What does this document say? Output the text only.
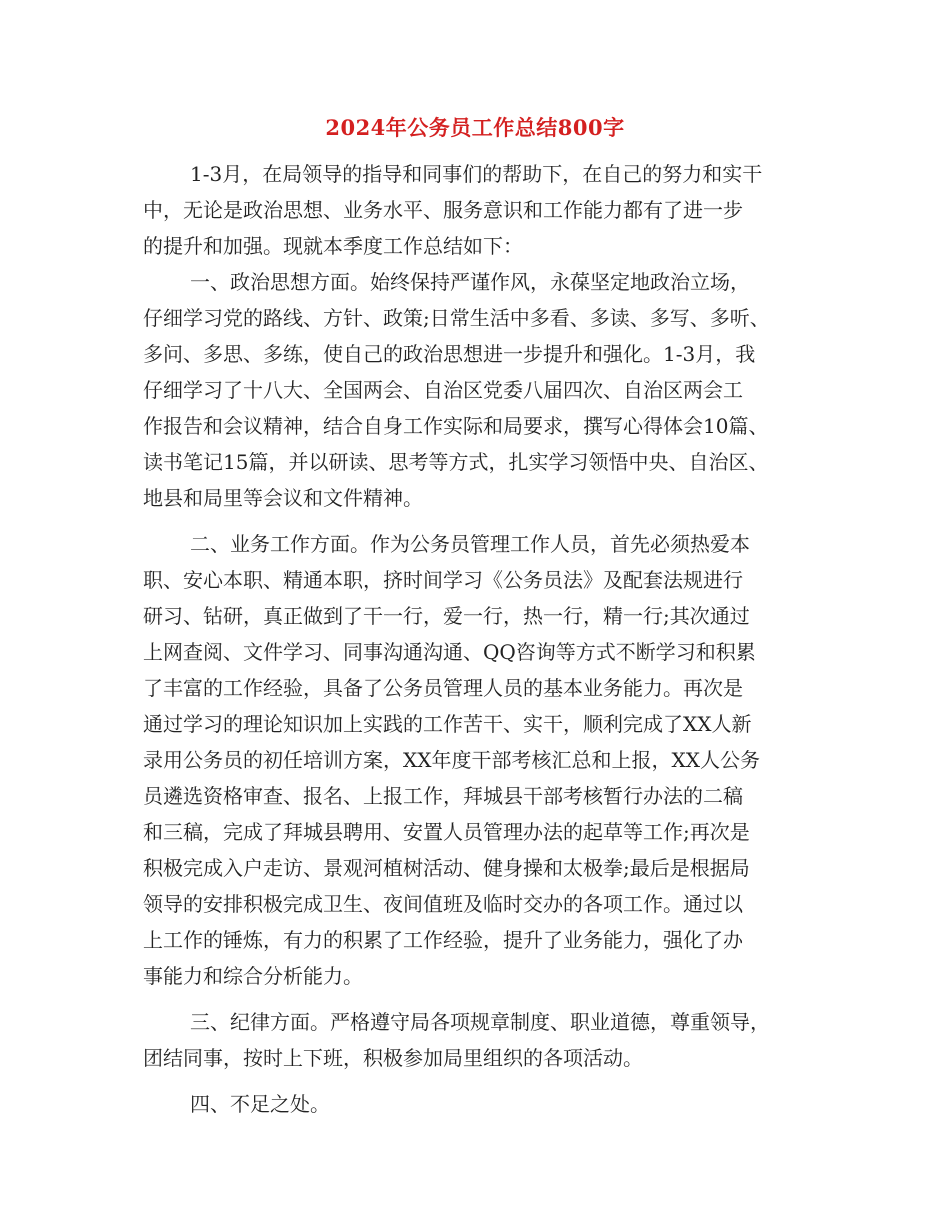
2024年公务员工作总结800字
1-3月，在局领导的指导和同事们的帮助下，在自己的努力和实干
中，无论是政治思想、业务水平、服务意识和工作能力都有了进一步
的提升和加强。现就本季度工作总结如下：
一、政治思想方面。始终保持严谨作风，永葆坚定地政治立场，
仔细学习党的路线、方针、政策;日常生活中多看、多读、多写、多听、
多问、多思、多练，使自己的政治思想进一步提升和强化。1-3月，我
仔细学习了十八大、全国两会、自治区党委八届四次、自治区两会工
作报告和会议精神，结合自身工作实际和局要求，撰写心得体会10篇、
读书笔记15篇，并以研读、思考等方式，扎实学习领悟中央、自治区、
地县和局里等会议和文件精神。
二、业务工作方面。作为公务员管理工作人员，首先必须热爱本
职、安心本职、精通本职，挤时间学习《公务员法》及配套法规进行
研习、钻研，真正做到了干一行，爱一行，热一行，精一行;其次通过
上网查阅、文件学习、同事沟通沟通、QQ咨询等方式不断学习和积累
了丰富的工作经验，具备了公务员管理人员的基本业务能力。再次是
通过学习的理论知识加上实践的工作苦干、实干，顺利完成了XX人新
录用公务员的初任培训方案，XX年度干部考核汇总和上报，XX人公务
员遴选资格审查、报名、上报工作，拜城县干部考核暂行办法的二稿
和三稿，完成了拜城县聘用、安置人员管理办法的起草等工作;再次是
积极完成入户走访、景观河植树活动、健身操和太极拳;最后是根据局
领导的安排积极完成卫生、夜间值班及临时交办的各项工作。通过以
上工作的锤炼，有力的积累了工作经验，提升了业务能力，强化了办
事能力和综合分析能力。
三、纪律方面。严格遵守局各项规章制度、职业道德，尊重领导，
团结同事，按时上下班，积极参加局里组织的各项活动。
四、不足之处。
